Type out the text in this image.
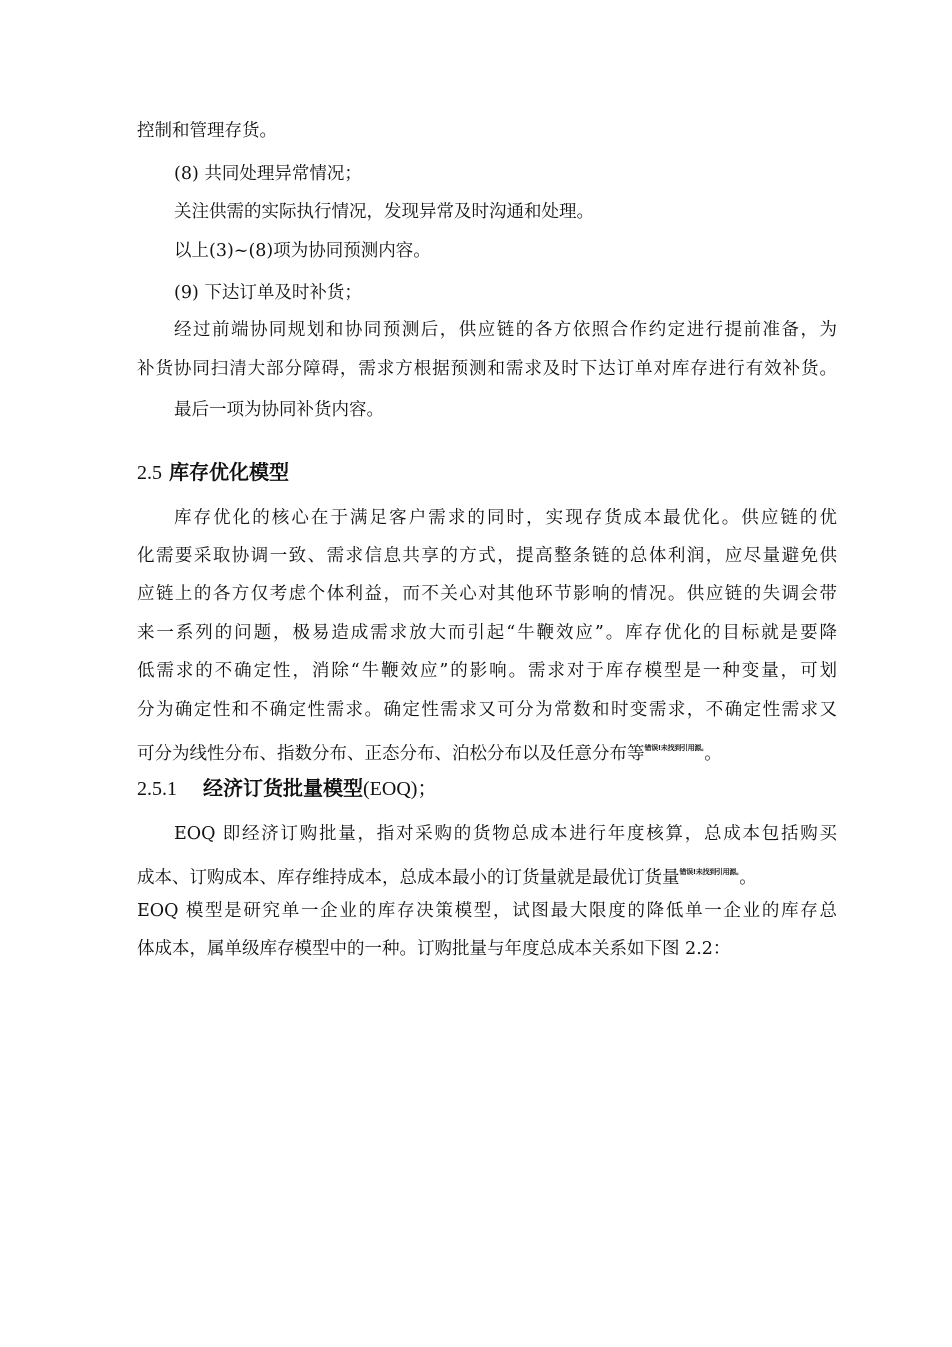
控制和管理存货。
(8) 共同处理异常情况；
关注供需的实际执行情况，发现异常及时沟通和处理。
以上(3)~(8)项为协同预测内容。
(9) 下达订单及时补货；
经过前端协同规划和协同预测后，供应链的各方依照合作约定进行提前准备，为
补货协同扫清大部分障碍，需求方根据预测和需求及时下达订单对库存进行有效补货。
最后一项为协同补货内容。
2.5 库存优化模型
库存优化的核心在于满足客户需求的同时，实现存货成本最优化。供应链的优
化需要采取协调一致、需求信息共享的方式，提高整条链的总体利润，应尽量避免供
应链上的各方仅考虑个体利益，而不关心对其他环节影响的情况。供应链的失调会带
来一系列的问题，极易造成需求放大而引起“牛鞭效应”。库存优化的目标就是要降
低需求的不确定性，消除“牛鞭效应”的影响。需求对于库存模型是一种变量，可划
分为确定性和不确定性需求。确定性需求又可分为常数和时变需求，不确定性需求又
可分为线性分布、指数分布、正态分布、泊松分布以及任意分布等$^{错误!未找到引用源。}$。
2.5.1 经济订货批量模型(EOQ)；
EOQ 即经济订购批量，指对采购的货物总成本进行年度核算，总成本包括购买
成本、订购成本、库存维持成本，总成本最小的订货量就是最优订货量$^{错误!未找到引用源。}$。
EOQ 模型是研究单一企业的库存决策模型，试图最大限度的降低单一企业的库存总
体成本，属单级库存模型中的一种。订购批量与年度总成本关系如下图 2.2：
